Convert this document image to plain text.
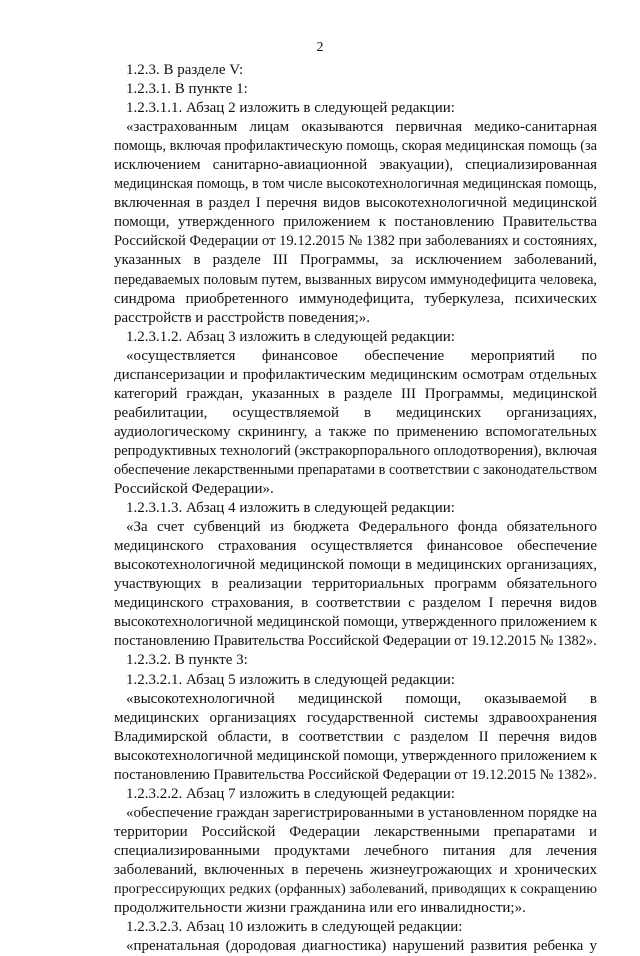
2
1.2.3. В разделе V:
1.2.3.1. В пункте 1:
1.2.3.1.1. Абзац 2 изложить в следующей редакции:
«застрахованным лицам оказываются первичная медико-санитарная
помощь, включая профилактическую помощь, скорая медицинская помощь (за
исключением санитарно-авиационной эвакуации), специализированная
медицинская помощь, в том числе высокотехнологичная медицинская помощь,
включенная в раздел I перечня видов высокотехнологичной медицинской
помощи, утвержденного приложением к постановлению Правительства
Российской Федерации от 19.12.2015 № 1382 при заболеваниях и состояниях,
указанных в разделе III Программы, за исключением заболеваний,
передаваемых половым путем, вызванных вирусом иммунодефицита человека,
синдрома приобретенного иммунодефицита, туберкулеза, психических
расстройств и расстройств поведения;».
1.2.3.1.2. Абзац 3 изложить в следующей редакции:
«осуществляется финансовое обеспечение мероприятий по
диспансеризации и профилактическим медицинским осмотрам отдельных
категорий граждан, указанных в разделе III Программы, медицинской
реабилитации, осуществляемой в медицинских организациях,
аудиологическому скринингу, а также по применению вспомогательных
репродуктивных технологий (экстракорпорального оплодотворения), включая
обеспечение лекарственными препаратами в соответствии с законодательством
Российской Федерации».
1.2.3.1.3. Абзац 4 изложить в следующей редакции:
«За счет субвенций из бюджета Федерального фонда обязательного
медицинского страхования осуществляется финансовое обеспечение
высокотехнологичной медицинской помощи в медицинских организациях,
участвующих в реализации территориальных программ обязательного
медицинского страхования, в соответствии с разделом I перечня видов
высокотехнологичной медицинской помощи, утвержденного приложением к
постановлению Правительства Российской Федерации от 19.12.2015 № 1382».
1.2.3.2. В пункте 3:
1.2.3.2.1. Абзац 5 изложить в следующей редакции:
«высокотехнологичной медицинской помощи, оказываемой в
медицинских организациях государственной системы здравоохранения
Владимирской области, в соответствии с разделом II перечня видов
высокотехнологичной медицинской помощи, утвержденного приложением к
постановлению Правительства Российской Федерации от 19.12.2015 № 1382».
1.2.3.2.2. Абзац 7 изложить в следующей редакции:
«обеспечение граждан зарегистрированными в установленном порядке на
территории Российской Федерации лекарственными препаратами и
специализированными продуктами лечебного питания для лечения
заболеваний, включенных в перечень жизнеугрожающих и хронических
прогрессирующих редких (орфанных) заболеваний, приводящих к сокращению
продолжительности жизни гражданина или его инвалидности;».
1.2.3.2.3. Абзац 10 изложить в следующей редакции:
«пренатальная (дородовая диагностика) нарушений развития ребенка у
